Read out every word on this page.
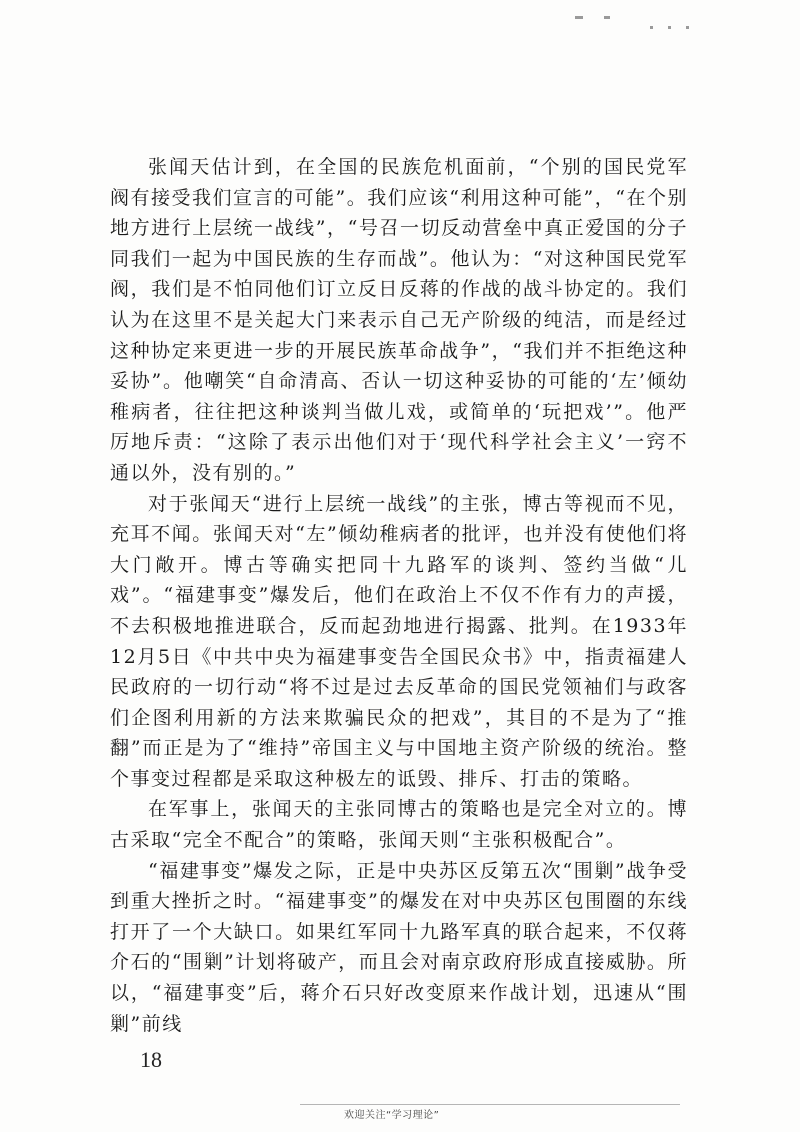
张闻天估计到，在全国的民族危机面前，“个别的国民党军阀有接受我们宣言的可能”。我们应该“利用这种可能”，“在个别地方进行上层统一战线”，“号召一切反动营垒中真正爱国的分子同我们一起为中国民族的生存而战”。他认为：“对这种国民党军阀，我们是不怕同他们订立反日反蒋的作战的战斗协定的。我们认为在这里不是关起大门来表示自己无产阶级的纯洁，而是经过这种协定来更进一步的开展民族革命战争”，“我们并不拒绝这种妥协”。他嘲笑“自命清高、否认一切这种妥协的可能的‘左’倾幼稚病者，往往把这种谈判当做儿戏，或简单的‘玩把戏’”。他严厉地斥责：“这除了表示出他们对于‘现代科学社会主义’一窍不通以外，没有别的。”

对于张闻天“进行上层统一战线”的主张，博古等视而不见，充耳不闻。张闻天对“左”倾幼稚病者的批评，也并没有使他们将大门敞开。博古等确实把同十九路军的谈判、签约当做“儿戏”。“福建事变”爆发后，他们在政治上不仅不作有力的声援，不去积极地推进联合，反而起劲地进行揭露、批判。在1933年12月5日《中共中央为福建事变告全国民众书》中，指责福建人民政府的一切行动“将不过是过去反革命的国民党领袖们与政客们企图利用新的方法来欺骗民众的把戏”，其目的不是为了“推翻”而正是为了“维持”帝国主义与中国地主资产阶级的统治。整个事变过程都是采取这种极左的诋毁、排斥、打击的策略。

在军事上，张闻天的主张同博古的策略也是完全对立的。博古采取“完全不配合”的策略，张闻天则“主张积极配合”。

“福建事变”爆发之际，正是中央苏区反第五次“围剿”战争受到重大挫折之时。“福建事变”的爆发在对中央苏区包围圈的东线打开了一个大缺口。如果红军同十九路军真的联合起来，不仅蒋介石的“围剿”计划将破产，而且会对南京政府形成直接威胁。所以，“福建事变”后，蒋介石只好改变原来作战计划，迅速从“围剿”前线

18
欢迎关注“学习理论”
